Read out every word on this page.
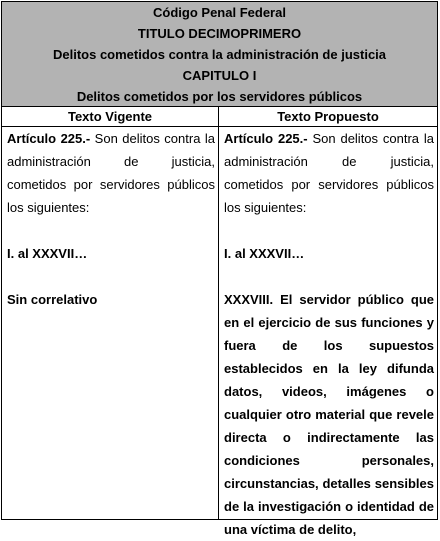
Código Penal Federal
TITULO DECIMOPRIMERO
Delitos cometidos contra la administración de justicia
CAPITULO I
Delitos cometidos por los servidores públicos
Texto Vigente	Texto Propuesto
Artículo 225.- Son delitos contra la administración de justicia, cometidos por servidores públicos los siguientes:
I. al XXXVII…
Sin correlativo
Artículo 225.- Son delitos contra la administración de justicia, cometidos por servidores públicos los siguientes:
I. al XXXVII…
XXXVIII. El servidor público que en el ejercicio de sus funciones y fuera de los supuestos establecidos en la ley difunda datos, videos, imágenes o cualquier otro material que revele directa o indirectamente las condiciones personales, circunstancias, detalles sensibles de la investigación o identidad de una víctima de delito,
